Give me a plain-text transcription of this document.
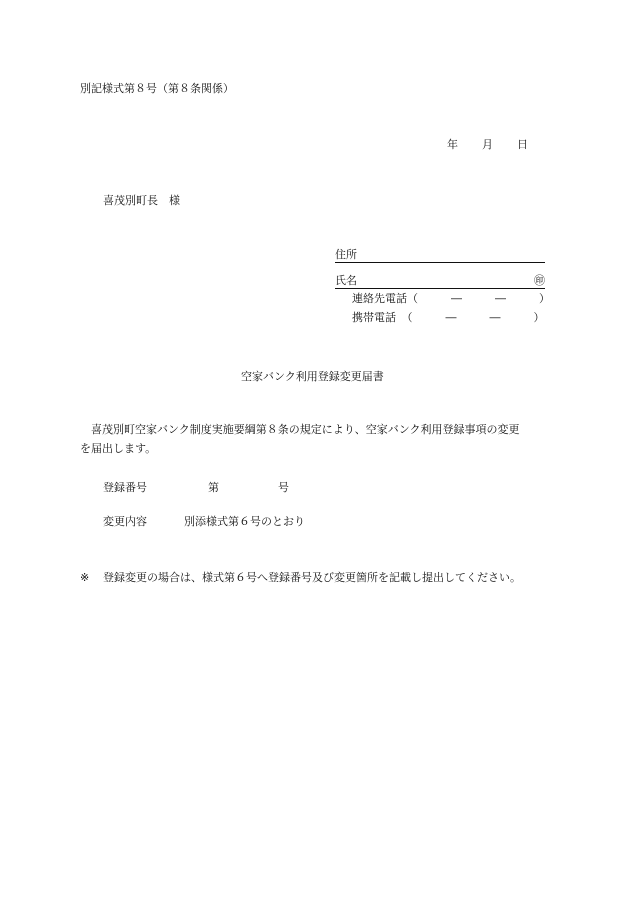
別記様式第８号（第８条関係）
年 月 日
喜茂別町長　様
住所
氏名	㊞
連絡先電話（　　　―　　　―　　　）
携帯電話　（　　　―　　　―　　　）
空家バンク利用登録変更届書
喜茂別町空家バンク制度実施要綱第８条の規定により、空家バンク利用登録事項の変更
を届出します。
登録番号	第	号
変更内容	別添様式第６号のとおり
※ 登録変更の場合は、様式第６号へ登録番号及び変更箇所を記載し提出してください。
